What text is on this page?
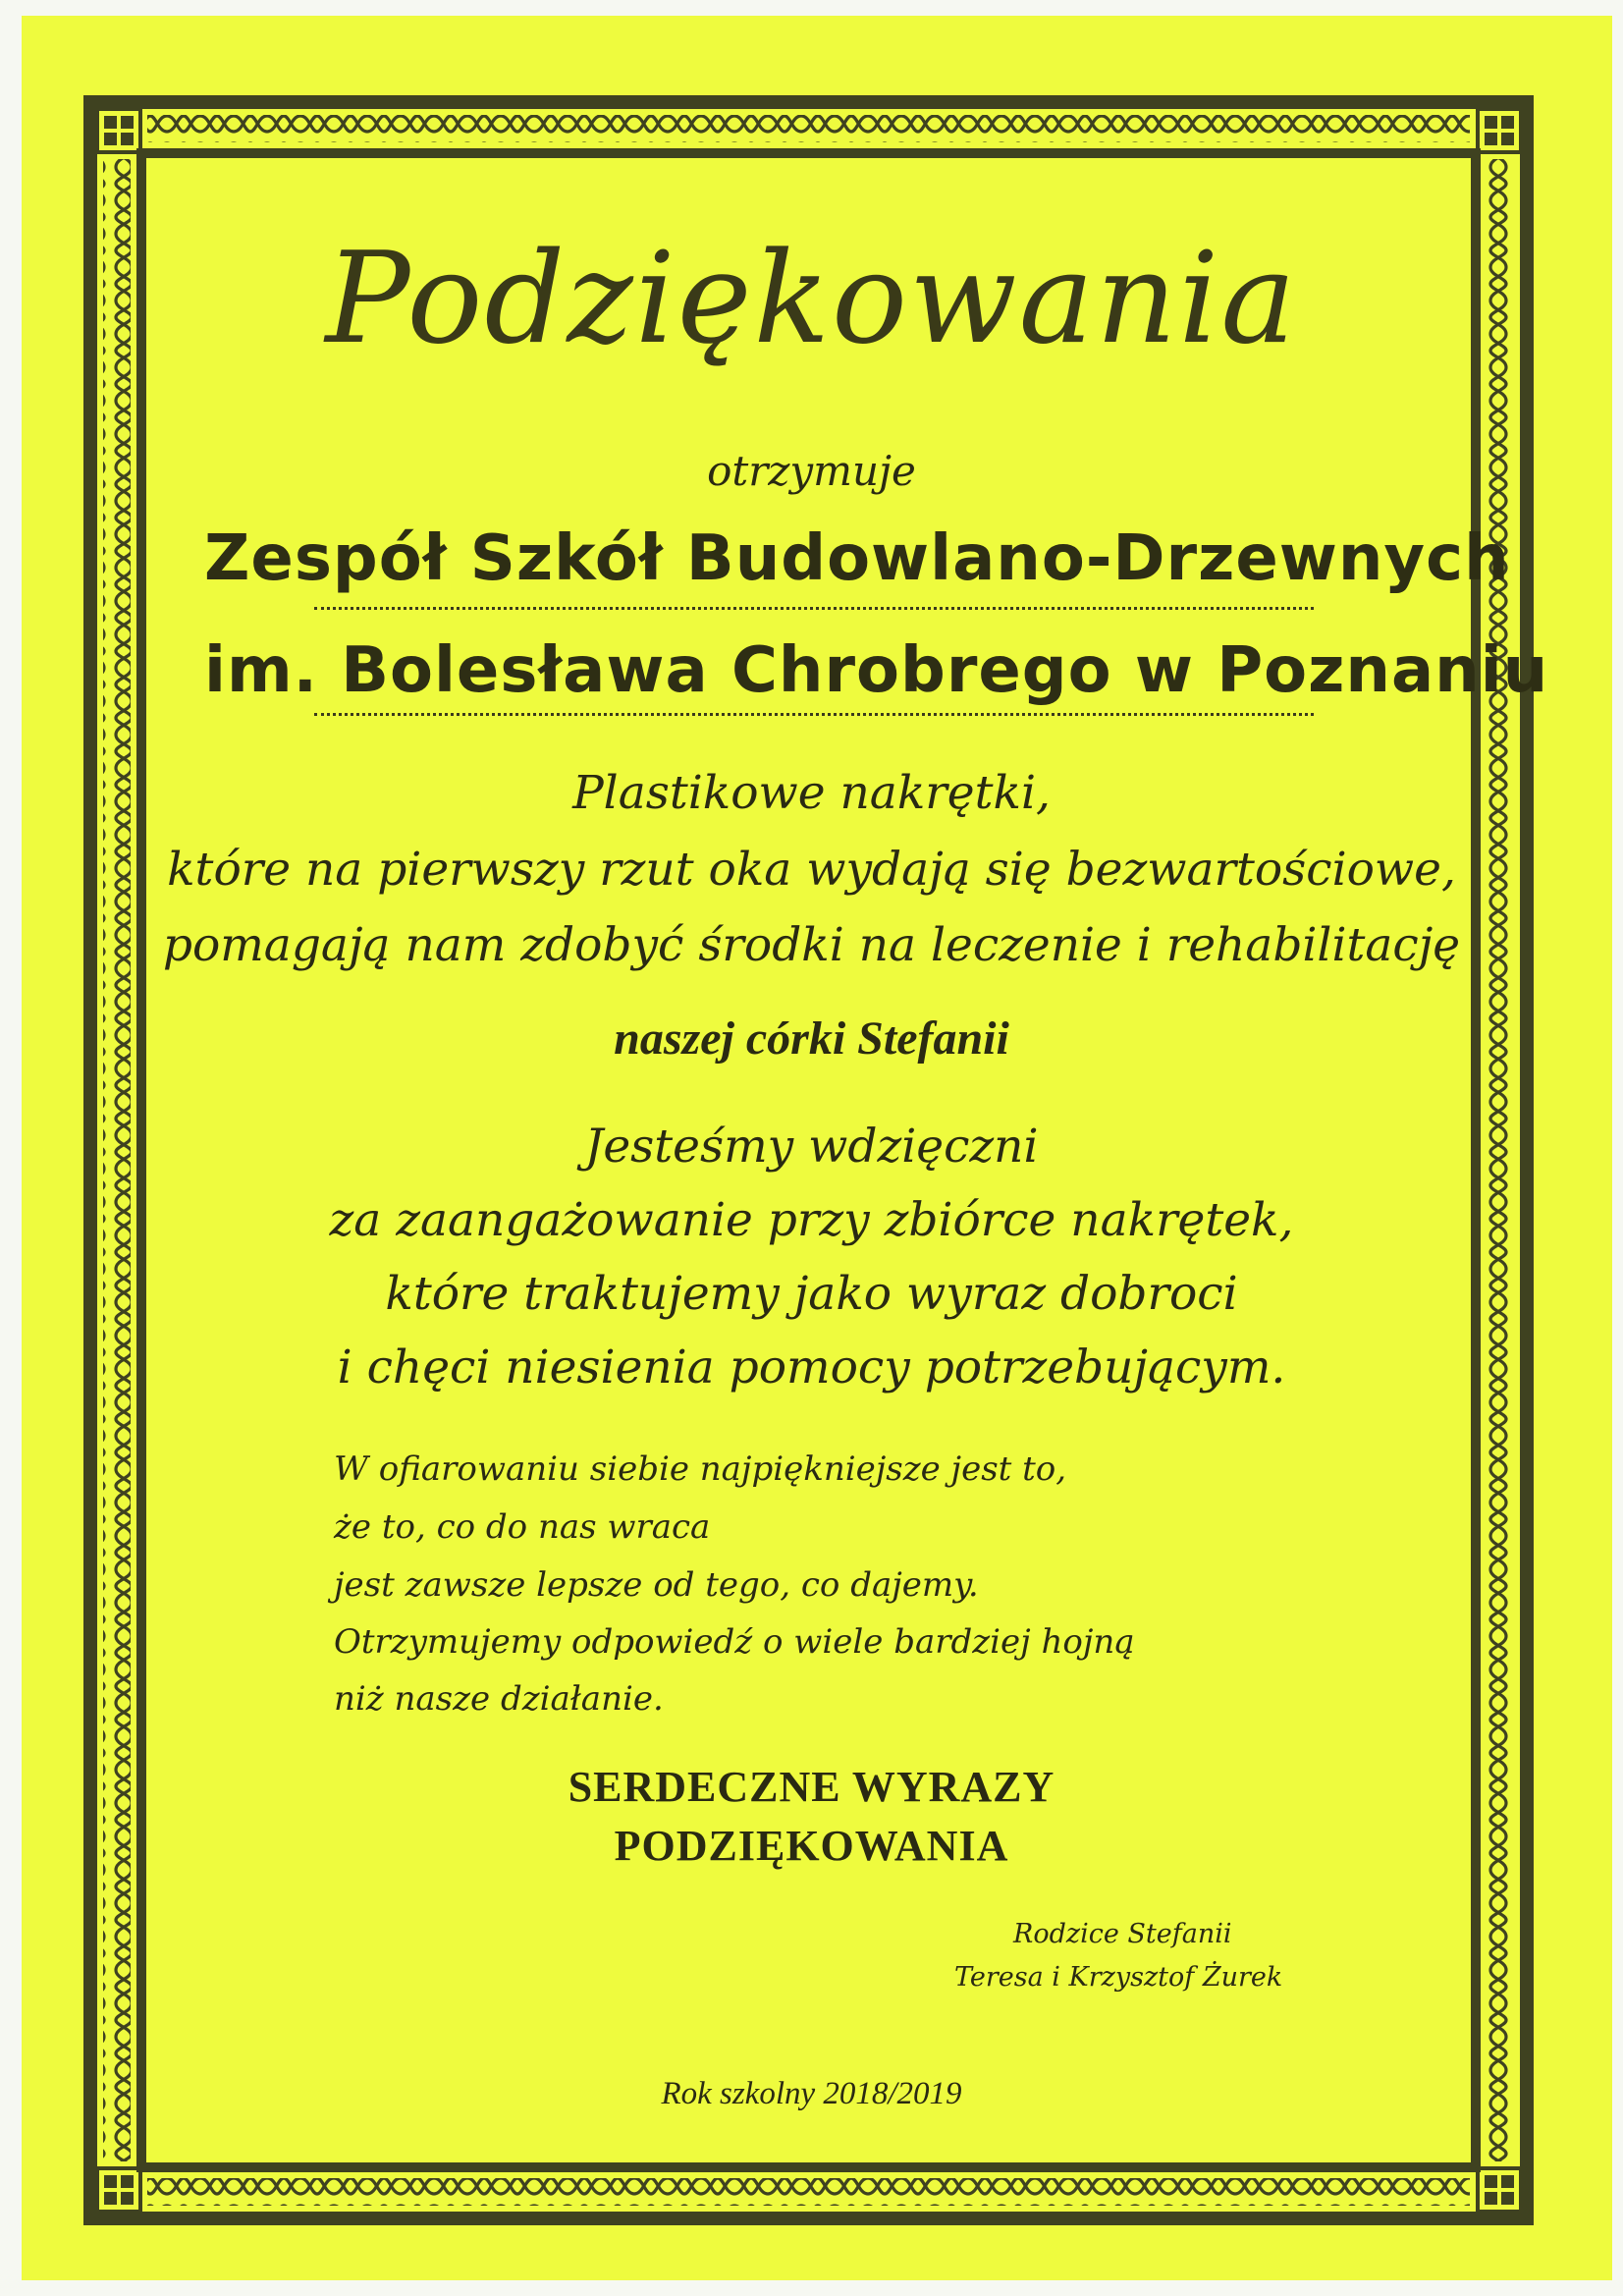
Podziękowania
otrzymuje
Zespół Szkół Budowlano-Drzewnych
im. Bolesława Chrobrego w Poznaniu
Plastikowe nakrętki,
które na pierwszy rzut oka wydają się bezwartościowe,
pomagają nam zdobyć środki na leczenie i rehabilitację
naszej córki Stefanii
Jesteśmy wdzięczni
za zaangażowanie przy zbiórce nakrętek,
które traktujemy jako wyraz dobroci
i chęci niesienia pomocy potrzebującym.
W ofiarowaniu siebie najpiękniejsze jest to,
że to, co do nas wraca
jest zawsze lepsze od tego, co dajemy.
Otrzymujemy odpowiedź o wiele bardziej hojną
niż nasze działanie.
SERDECZNE WYRAZY
PODZIĘKOWANIA
Rodzice Stefanii
Teresa i Krzysztof Żurek
Rok szkolny 2018/2019
